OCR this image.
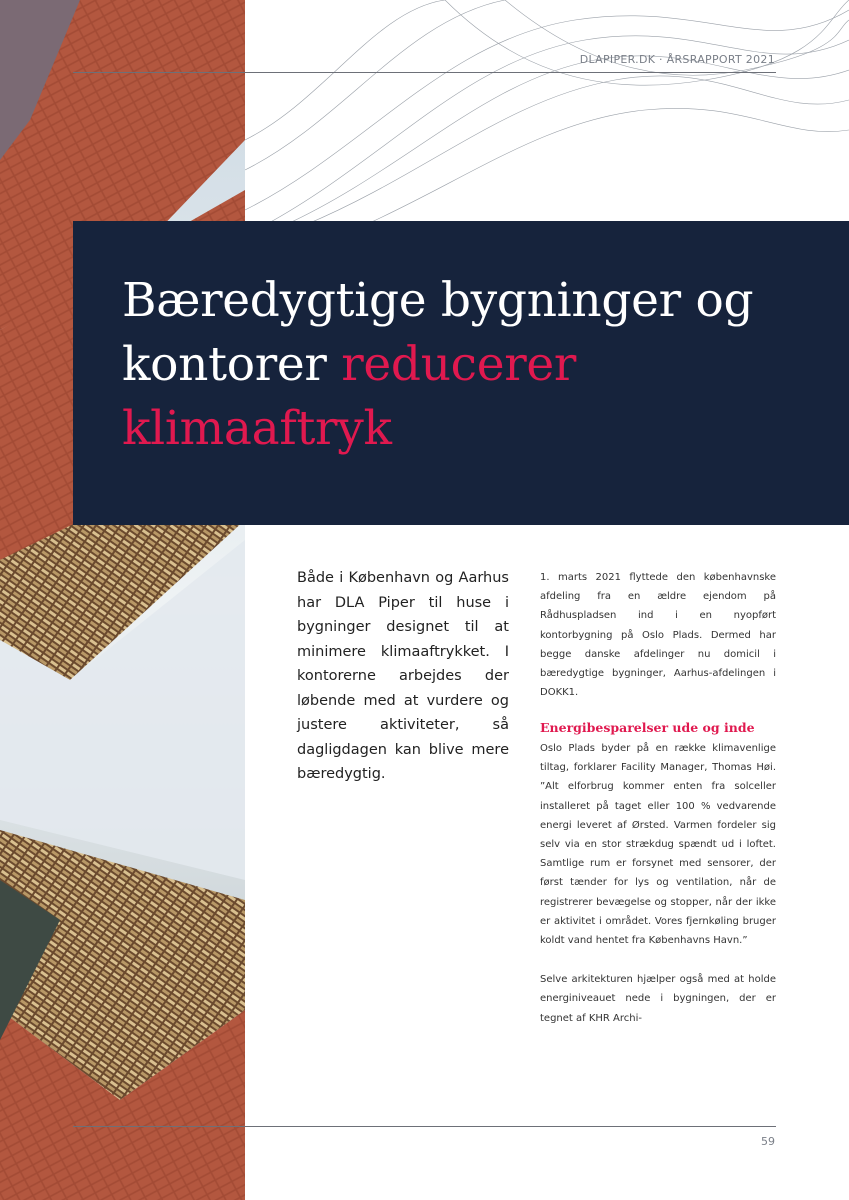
DLAPIPER.DK · ÅRSRAPPORT 2021
Bæredygtige bygninger og kontorer reducerer klimaaftryk
Både i København og Aarhus har DLA Piper til huse i bygninger designet til at minimere klimaaftrykket. I kontorerne arbejdes der løbende med at vurdere og justere aktiviteter, så dagligdagen kan blive mere bæredygtig.

1. marts 2021 flyttede den københavnske afdeling fra en ældre ejendom på Rådhuspladsen ind i en nyopført kontorbygning på Oslo Plads. Dermed har begge danske afdelinger nu domicil i bæredygtige bygninger, Aarhus-afdelingen i DOKK1.

Energibesparelser ude og inde

Oslo Plads byder på en række klimavenlige tiltag, forklarer Facility Manager, Thomas Høi. ”Alt elforbrug kommer enten fra solceller installeret på taget eller 100 % vedvarende energi leveret af Ørsted. Varmen fordeler sig selv via en stor strækdug spændt ud i loftet. Samtlige rum er forsynet med sensorer, der først tænder for lys og ventilation, når de registrerer bevægelse og stopper, når der ikke er aktivitet i området. Vores fjernkøling bruger koldt vand hentet fra Københavns Havn.”

Selve arkitekturen hjælper også med at holde energiniveauet nede i bygningen, der er tegnet af KHR Archi-

59
